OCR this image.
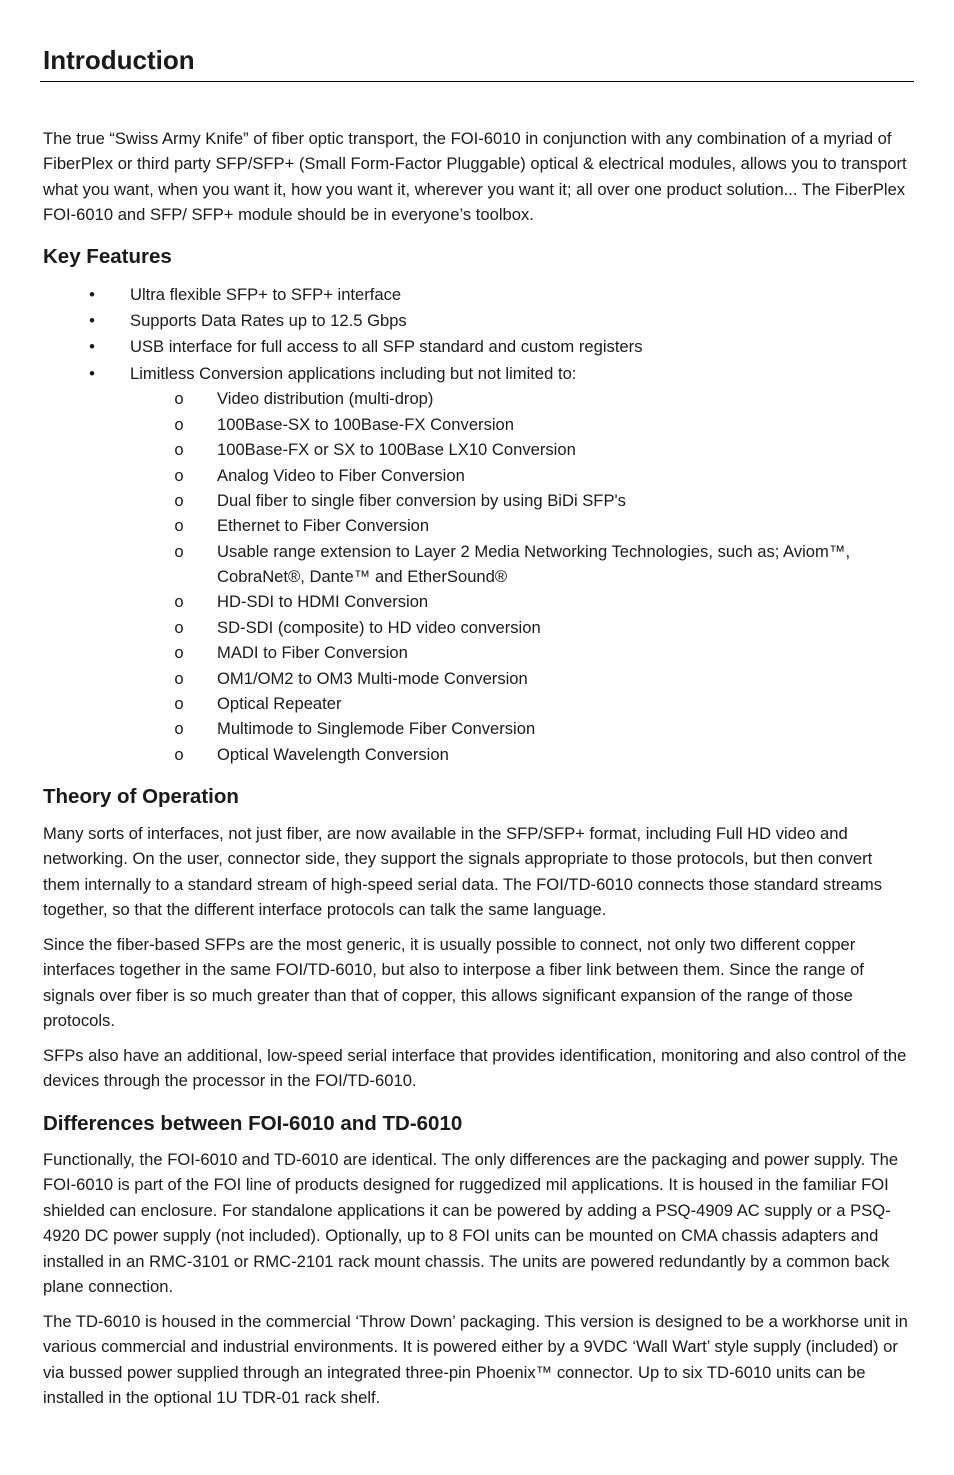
Introduction

The true “Swiss Army Knife” of fiber optic transport, the FOI-6010 in conjunction with any combination of a myriad of FiberPlex or third party SFP/SFP+ (Small Form-Factor Pluggable) optical & electrical modules, allows you to transport what you want, when you want it, how you want it, wherever you want it; all over one product solution... The FiberPlex FOI-6010 and SFP/ SFP+ module should be in everyone’s toolbox.

Key Features
• Ultra flexible SFP+ to SFP+ interface
• Supports Data Rates up to 12.5 Gbps
• USB interface for full access to all SFP standard and custom registers
• Limitless Conversion applications including but not limited to:
o Video distribution (multi-drop)
o 100Base-SX to 100Base-FX Conversion
o 100Base-FX or SX to 100Base LX10 Conversion
o Analog Video to Fiber Conversion
o Dual fiber to single fiber conversion by using BiDi SFP's
o Ethernet to Fiber Conversion
o Usable range extension to Layer 2 Media Networking Technologies, such as; Aviom™,
CobraNet®, Dante™ and EtherSound®
o HD-SDI to HDMI Conversion
o SD-SDI (composite) to HD video conversion
o MADI to Fiber Conversion
o OM1/OM2 to OM3 Multi-mode Conversion
o Optical Repeater
o Multimode to Singlemode Fiber Conversion
o Optical Wavelength Conversion
Theory of Operation

Many sorts of interfaces, not just fiber, are now available in the SFP/SFP+ format, including Full HD video and networking. On the user, connector side, they support the signals appropriate to those protocols, but then convert them internally to a standard stream of high-speed serial data. The FOI/TD-6010 connects those standard streams together, so that the different interface protocols can talk the same language.

Since the fiber-based SFPs are the most generic, it is usually possible to connect, not only two different copper interfaces together in the same FOI/TD-6010, but also to interpose a fiber link between them. Since the range of signals over fiber is so much greater than that of copper, this allows significant expansion of the range of those protocols.

SFPs also have an additional, low-speed serial interface that provides identification, monitoring and also control of the devices through the processor in the FOI/TD-6010.

Differences between FOI-6010 and TD-6010

Functionally, the FOI-6010 and TD-6010 are identical. The only differences are the packaging and power supply. The FOI-6010 is part of the FOI line of products designed for ruggedized mil applications. It is housed in the familiar FOI shielded can enclosure. For standalone applications it can be powered by adding a PSQ-4909 AC supply or a PSQ-4920 DC power supply (not included). Optionally, up to 8 FOI units can be mounted on CMA chassis adapters and installed in an RMC-3101 or RMC-2101 rack mount chassis. The units are powered redundantly by a common back plane connection.

The TD-6010 is housed in the commercial ‘Throw Down’ packaging. This version is designed to be a workhorse unit in various commercial and industrial environments. It is powered either by a 9VDC ‘Wall Wart’ style supply (included) or via bussed power supplied through an integrated three-pin Phoenix™ connector. Up to six TD-6010 units can be installed in the optional 1U TDR-01 rack shelf.
